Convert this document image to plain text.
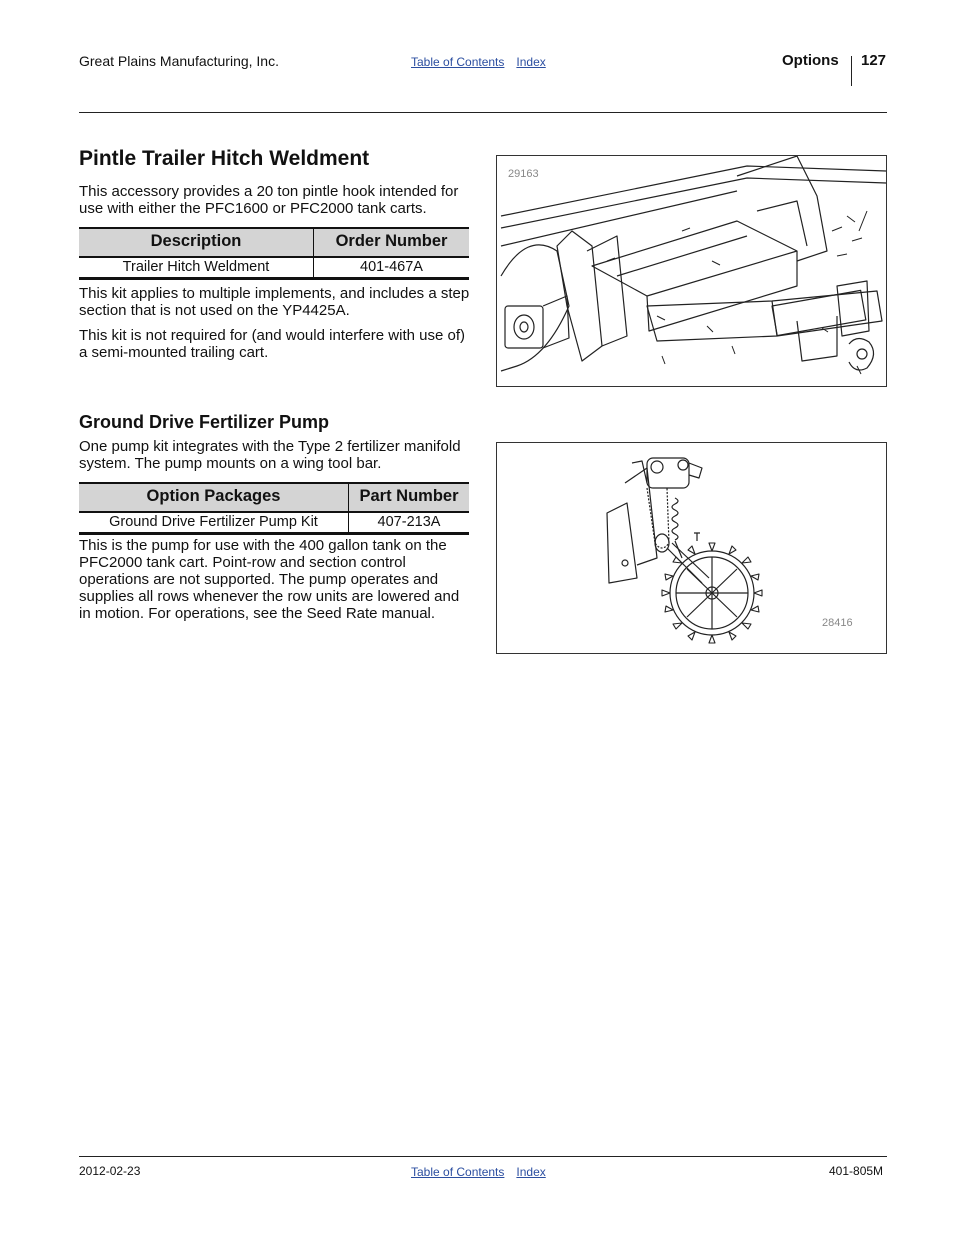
Great Plains Manufacturing, Inc.	Table of Contents Index	Options 127
Pintle Trailer Hitch Weldment

This accessory provides a 20 ton pintle hook intended for use with either the PFC1600 or PFC2000 tank carts.

Description	Order Number
Trailer Hitch Weldment	401-467A

This kit applies to multiple implements, and includes a step section that is not used on the YP4425A.

This kit is not required for (and would interfere with use of) a semi-mounted trailing cart.

29163
Ground Drive Fertilizer Pump

One pump kit integrates with the Type 2 fertilizer manifold system. The pump mounts on a wing tool bar.

Option Packages	Part Number
Ground Drive Fertilizer Pump Kit	407-213A

This is the pump for use with the 400 gallon tank on the PFC2000 tank cart. Point-row and section control operations are not supported. The pump operates and supplies all rows whenever the row units are lowered and in motion. For operations, see the Seed Rate manual.

28416
2012-02-23	Table of Contents Index	401-805M
